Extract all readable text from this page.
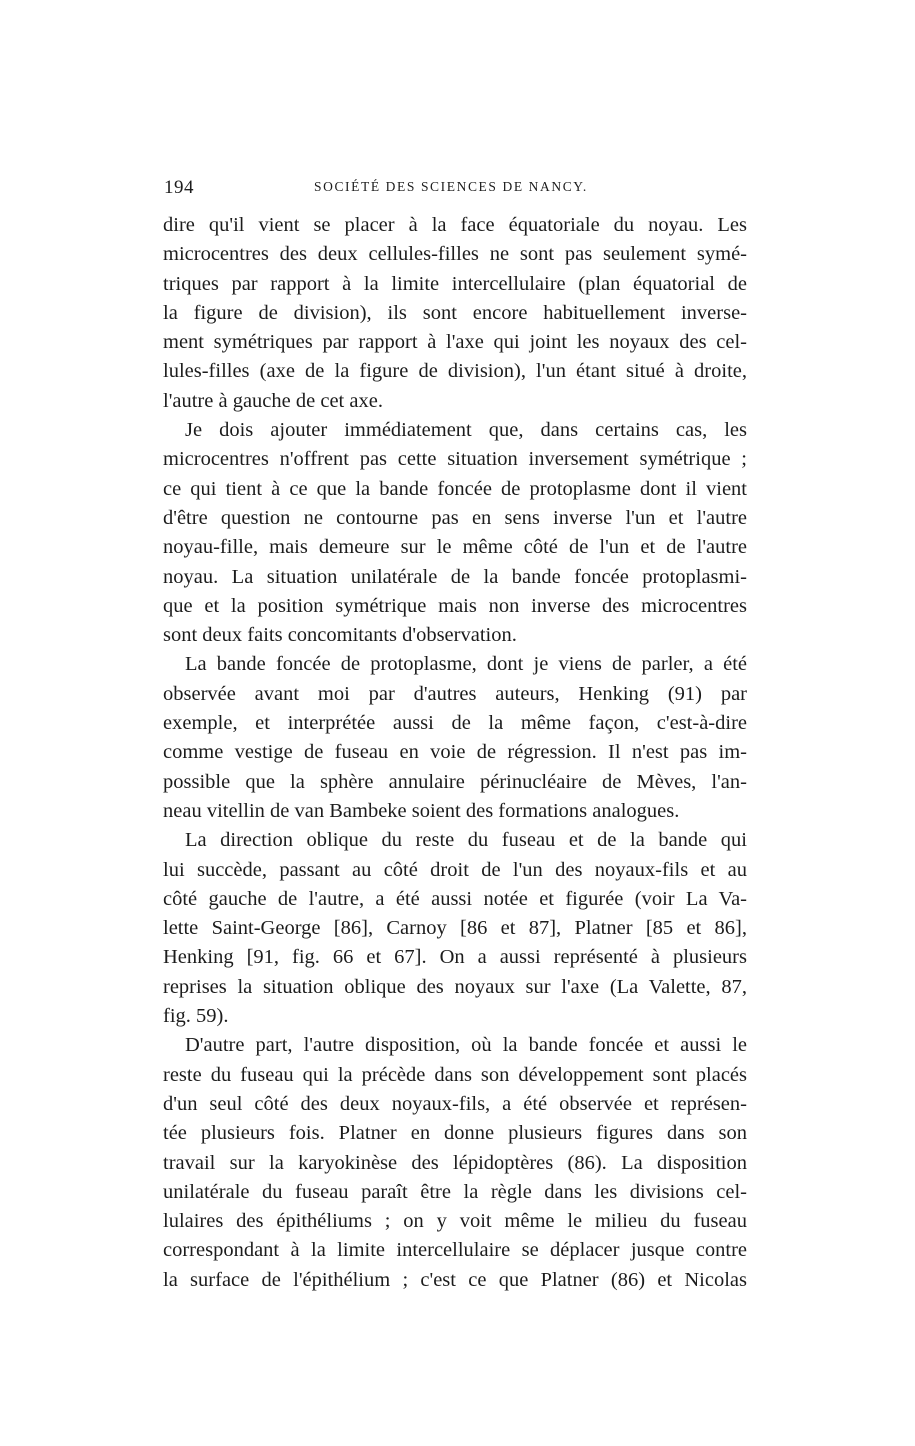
194	SOCIÉTÉ DES SCIENCES DE NANCY.
dire qu'il vient se placer à la face équatoriale du noyau. Les
microcentres des deux cellules-filles ne sont pas seulement symé-
triques par rapport à la limite intercellulaire (plan équatorial de
la figure de division), ils sont encore habituellement inverse-
ment symétriques par rapport à l'axe qui joint les noyaux des cel-
lules-filles (axe de la figure de division), l'un étant situé à droite,
l'autre à gauche de cet axe.
Je dois ajouter immédiatement que, dans certains cas, les
microcentres n'offrent pas cette situation inversement symétrique ;
ce qui tient à ce que la bande foncée de protoplasme dont il vient
d'être question ne contourne pas en sens inverse l'un et l'autre
noyau-fille, mais demeure sur le même côté de l'un et de l'autre
noyau. La situation unilatérale de la bande foncée protoplasmi-
que et la position symétrique mais non inverse des microcentres
sont deux faits concomitants d'observation.
La bande foncée de protoplasme, dont je viens de parler, a été
observée avant moi par d'autres auteurs, Henking (91) par
exemple, et interprétée aussi de la même façon, c'est-à-dire
comme vestige de fuseau en voie de régression. Il n'est pas im-
possible que la sphère annulaire périnucléaire de Mèves, l'an-
neau vitellin de van Bambeke soient des formations analogues.
La direction oblique du reste du fuseau et de la bande qui
lui succède, passant au côté droit de l'un des noyaux-fils et au
côté gauche de l'autre, a été aussi notée et figurée (voir La Va-
lette Saint-George [86], Carnoy [86 et 87], Platner [85 et 86],
Henking [91, fig. 66 et 67]. On a aussi représenté à plusieurs
reprises la situation oblique des noyaux sur l'axe (La Valette, 87,
fig. 59).
D'autre part, l'autre disposition, où la bande foncée et aussi le
reste du fuseau qui la précède dans son développement sont placés
d'un seul côté des deux noyaux-fils, a été observée et représen-
tée plusieurs fois. Platner en donne plusieurs figures dans son
travail sur la karyokinèse des lépidoptères (86). La disposition
unilatérale du fuseau paraît être la règle dans les divisions cel-
lulaires des épithéliums ; on y voit même le milieu du fuseau
correspondant à la limite intercellulaire se déplacer jusque contre
la surface de l'épithélium ; c'est ce que Platner (86) et Nicolas
